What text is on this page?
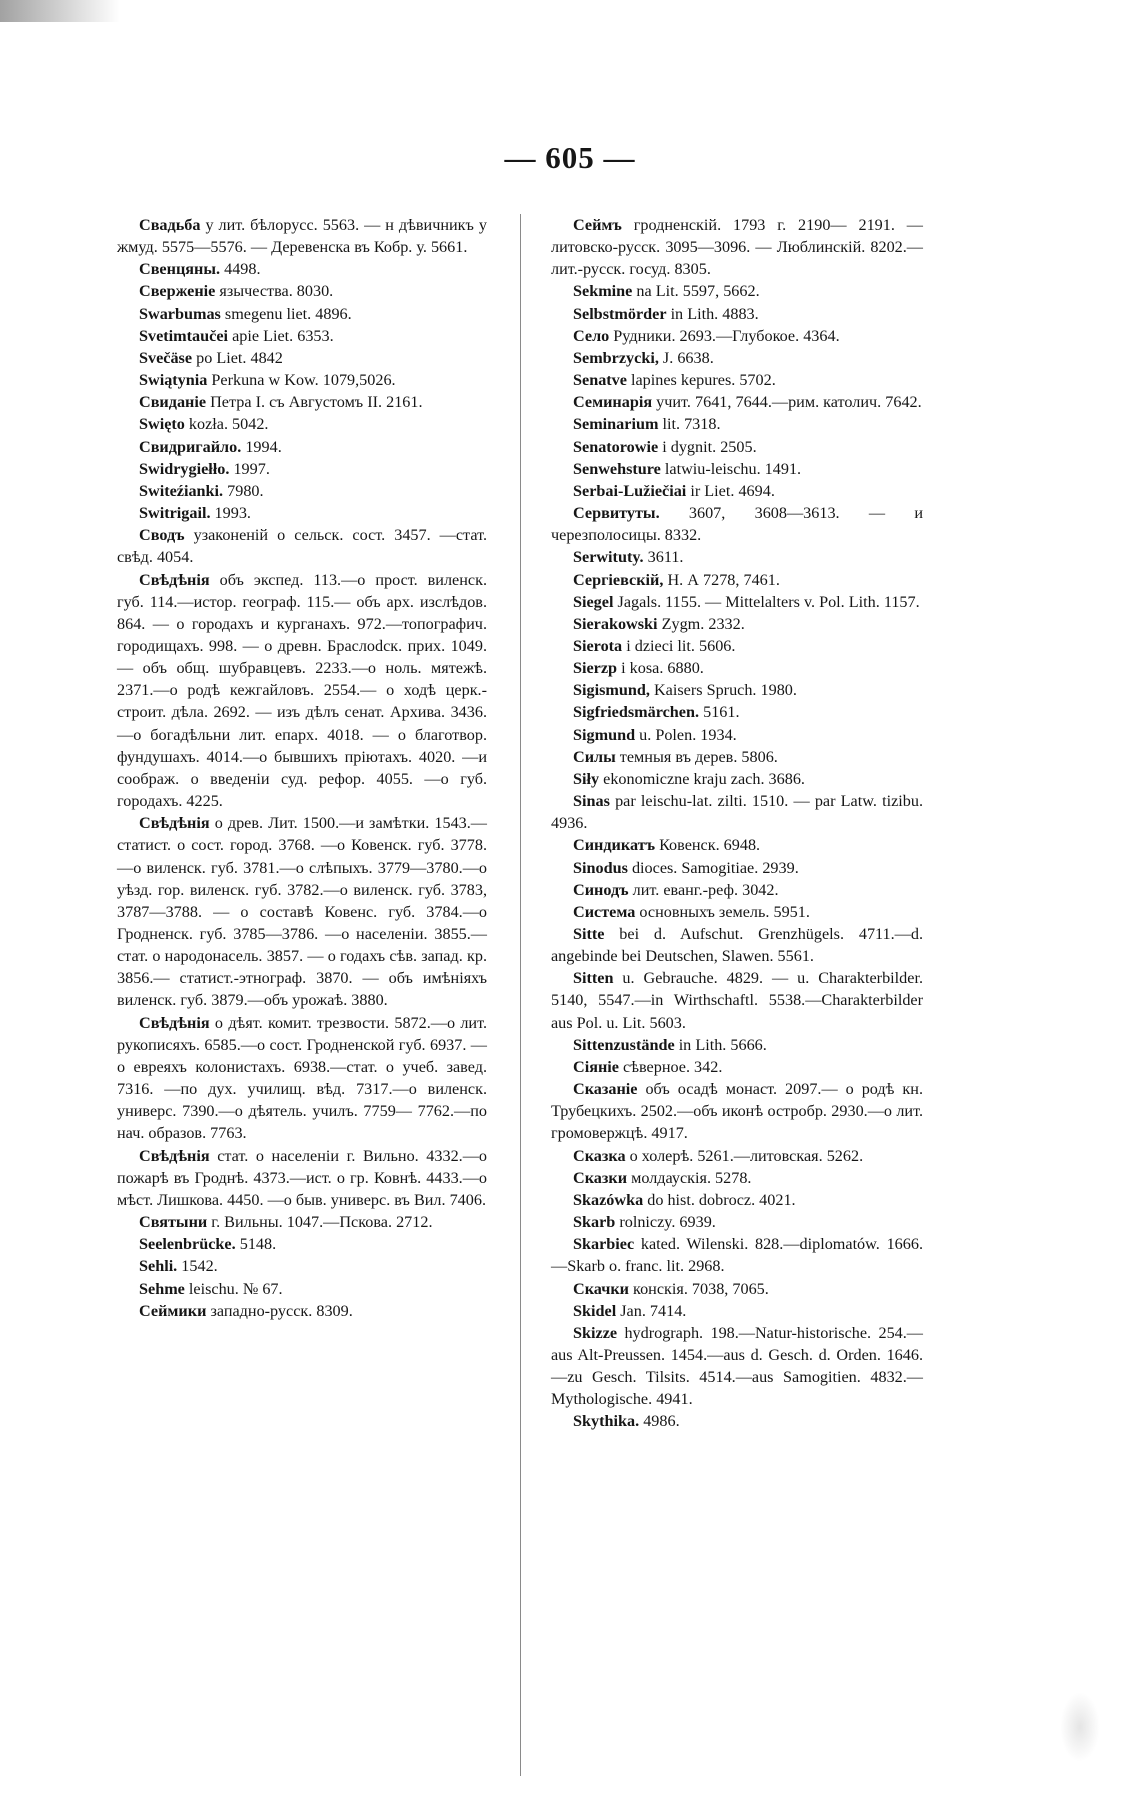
— 605 —

Свадьба у лит. бѣлорусс. 5563. — н дѣвичникъ у жмуд. 5575—5576. — Деревенска въ Кобр. у. 5661.

Свенцяны. 4498.

Сверженіе язычества. 8030.

Swarbumas smegenu liet. 4896.

Svetimtaučei apie Liet. 6353.

Svečäse po Liet. 4842

Swiątynia Perkuna w Kow. 1079,5026.

Свиданіе Петра I. съ Августомъ II. 2161.

Swięto kozła. 5042.

Свидригайло. 1994.

Swidrygiełło. 1997.

Switeźianki. 7980.

Switrigail. 1993.

Сводъ узаконеній о сельск. сост. 3457. —стат. свѣд. 4054.

Свѣдѣнія объ экспед. 113.—о прост. виленск. губ. 114.—истор. географ. 115.— объ арх. изслѣдов. 864. — о городахъ и курганахъ. 972.—топографич. городищахъ. 998. — о древн. Браслоdск. прих. 1049.— объ общ. шубравцевъ. 2233.—о ноль. мятежѣ. 2371.—о родѣ кежгайловъ. 2554.— о ходѣ церк.-строит. дѣла. 2692. — изъ дѣлъ сенат. Архива. 3436.—о богадѣльни лит. епарх. 4018. — о благотвор. фундушахъ. 4014.—о бывшихъ пріютахъ. 4020. —и соображ. о введеніи суд. рефор. 4055. —о губ. городахъ. 4225.

Свѣдѣнія о древ. Лит. 1500.—и замѣтки. 1543.—статист. о сост. город. 3768. —о Ковенск. губ. 3778.—о виленск. губ. 3781.—о слѣпыхъ. 3779—3780.—о уѣзд. гор. виленск. губ. 3782.—о виленск. губ. 3783, 3787—3788. — о составѣ Ковенс. губ. 3784.—о Гродненск. губ. 3785—3786. —о населеніи. 3855.—стат. о народонасель. 3857. — о годахъ сѣв. запад. кр. 3856.— статист.-этнограф. 3870. — объ имѣніяхъ виленск. губ. 3879.—объ урожаѣ. 3880.

Свѣдѣнія о дѣят. комит. трезвости. 5872.—о лит. рукописяхъ. 6585.—о сост. Гродненской губ. 6937. — о евреяхъ колонистахъ. 6938.—стат. о учеб. завед. 7316. —по дух. училищ. вѣд. 7317.—о виленск. универс. 7390.—о дѣятель. училъ. 7759— 7762.—по нач. образов. 7763.

Свѣдѣнія стат. о населеніи г. Вильно. 4332.—о пожарѣ въ Гроднѣ. 4373.—ист. о гр. Ковнѣ. 4433.—о мѣст. Лишкова. 4450. —о быв. универс. въ Вил. 7406.

Святыни г. Вильны. 1047.—Пскова. 2712.

Seelenbrücke. 5148.

Sehli. 1542.

Sehme leischu. № 67.

Сеймики западно-русск. 8309.

Сеймъ гродненскій. 1793 г. 2190— 2191. — литовско-русск. 3095—3096. — Люблинскій. 8202.—лит.-русск. госуд. 8305.

Sekmine na Lit. 5597, 5662.

Selbstmörder in Lith. 4883.

Село Рудники. 2693.—Глубокое. 4364.

Sembrzycki, J. 6638.

Senatve lapines kepures. 5702.

Семинарія учит. 7641, 7644.—рим. католич. 7642.

Seminarium lit. 7318.

Senatorowie i dygnit. 2505.

Senwehsture latwiu-leischu. 1491.

Serbai-Lužiečiai ir Liet. 4694.

Сервитуты. 3607, 3608—3613. — и черезполосицы. 8332.

Serwituty. 3611.

Сергіевскій, Н. А 7278, 7461.

Siegel Jagals. 1155. — Mittelalters v. Pol. Lith. 1157.

Sierakowski Zygm. 2332.

Sierota i dzieci lit. 5606.

Sierzp i kosa. 6880.

Sigismund, Kaisers Spruch. 1980.

Sigfriedsmärchen. 5161.

Sigmund u. Polen. 1934.

Силы темныя въ дерев. 5806.

Siły ekonomiczne kraju zach. 3686.

Sinas par leischu-lat. zilti. 1510. — par Latw. tizibu. 4936.

Синдикатъ Ковенск. 6948.

Sinodus dioces. Samogitiae. 2939.

Синодъ лит. еванг.-реф. 3042.

Система основныхъ земель. 5951.

Sitte bei d. Aufschut. Grenzhügels. 4711.—d. angebinde bei Deutschen, Slawen. 5561.

Sitten u. Gebrauche. 4829. — u. Charakterbilder. 5140, 5547.—in Wirthschaftl. 5538.—Charakterbilder aus Pol. u. Lit. 5603.

Sittenzustände in Lith. 5666.

Сіяніе сѣверное. 342.

Сказаніе объ осадѣ монаст. 2097.— о родѣ кн. Трубецкихъ. 2502.—объ иконѣ остробр. 2930.—о лит. громовержцѣ. 4917.

Сказка о холерѣ. 5261.—литовская. 5262.

Сказки молдаускія. 5278.

Skazówka do hist. dobrocz. 4021.

Skarb rolniczy. 6939.

Skarbiec kated. Wilenski. 828.—diplomatów. 1666.—Skarb o. franc. lit. 2968.

Скачки конскія. 7038, 7065.

Skidel Jan. 7414.

Skizze hydrograph. 198.—Natur-historische. 254.—aus Alt-Preussen. 1454.—aus d. Gesch. d. Orden. 1646.—zu Gesch. Tilsits. 4514.—aus Samogitien. 4832.—Mythologische. 4941.

Skythika. 4986.
